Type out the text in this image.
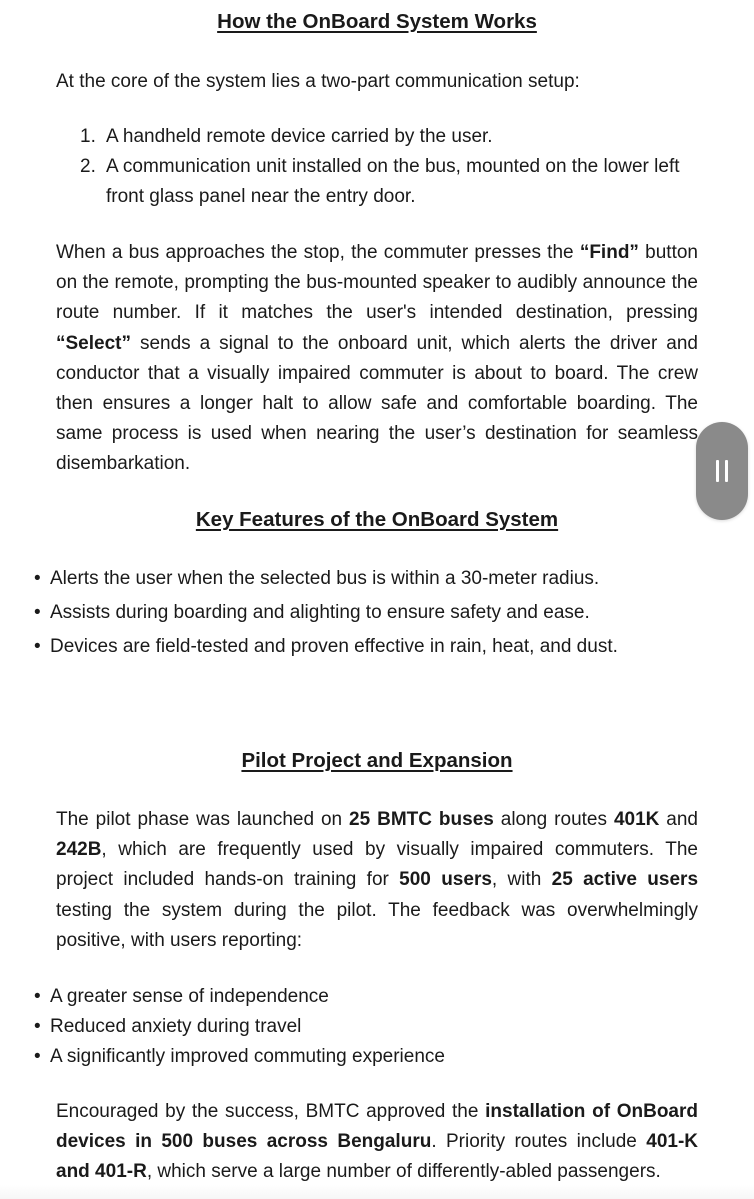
How the OnBoard System Works

At the core of the system lies a two-part communication setup:

1. A handheld remote device carried by the user.
2. A communication unit installed on the bus, mounted on the lower left front glass panel near the entry door.

When a bus approaches the stop, the commuter presses the “Find” button on the remote, prompting the bus-mounted speaker to audibly announce the route number. If it matches the user's intended destination, pressing “Select” sends a signal to the onboard unit, which alerts the driver and conductor that a visually impaired commuter is about to board. The crew then ensures a longer halt to allow safe and comfortable boarding. The same process is used when nearing the user’s destination for seamless disembarkation.

Key Features of the OnBoard System
• Alerts the user when the selected bus is within a 30-meter radius.
• Assists during boarding and alighting to ensure safety and ease.
• Devices are field-tested and proven effective in rain, heat, and dust.
Pilot Project and Expansion

The pilot phase was launched on 25 BMTC buses along routes 401K and 242B, which are frequently used by visually impaired commuters. The project included hands-on training for 500 users, with 25 active users testing the system during the pilot. The feedback was overwhelmingly positive, with users reporting:

• A greater sense of independence
• Reduced anxiety during travel
• A significantly improved commuting experience

Encouraged by the success, BMTC approved the installation of OnBoard devices in 500 buses across Bengaluru. Priority routes include 401-K and 401-R, which serve a large number of differently-abled passengers.
